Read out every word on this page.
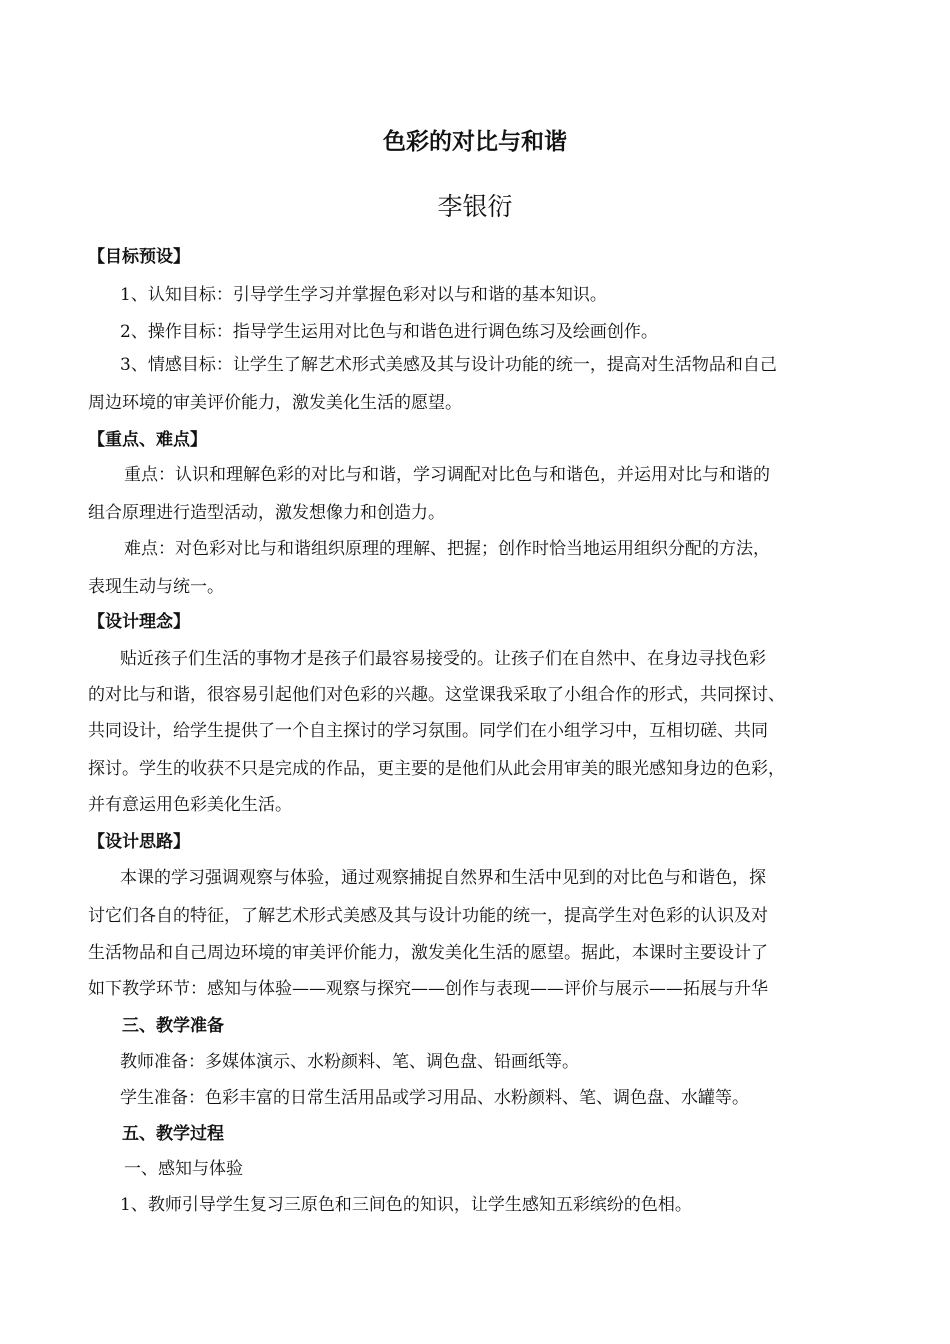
色彩的对比与和谐
李银衍
【目标预设】
1、认知目标：引导学生学习并掌握色彩对以与和谐的基本知识。
2、操作目标：指导学生运用对比色与和谐色进行调色练习及绘画创作。
3、情感目标：让学生了解艺术形式美感及其与设计功能的统一，提高对生活物品和自己
周边环境的审美评价能力，激发美化生活的愿望。
【重点、难点】
重点：认识和理解色彩的对比与和谐，学习调配对比色与和谐色，并运用对比与和谐的
组合原理进行造型活动，激发想像力和创造力。
难点：对色彩对比与和谐组织原理的理解、把握；创作时恰当地运用组织分配的方法，
表现生动与统一。
【设计理念】
贴近孩子们生活的事物才是孩子们最容易接受的。让孩子们在自然中、在身边寻找色彩
的对比与和谐，很容易引起他们对色彩的兴趣。这堂课我采取了小组合作的形式，共同探讨、
共同设计，给学生提供了一个自主探讨的学习氛围。同学们在小组学习中，互相切磋、共同
探讨。学生的收获不只是完成的作品，更主要的是他们从此会用审美的眼光感知身边的色彩，
并有意运用色彩美化生活。
【设计思路】
本课的学习强调观察与体验，通过观察捕捉自然界和生活中见到的对比色与和谐色，探
讨它们各自的特征，了解艺术形式美感及其与设计功能的统一，提高学生对色彩的认识及对
生活物品和自己周边环境的审美评价能力，激发美化生活的愿望。据此，本课时主要设计了
如下教学环节：感知与体验——观察与探究——创作与表现——评价与展示——拓展与升华
三、教学准备
教师准备：多媒体演示、水粉颜料、笔、调色盘、铅画纸等。
学生准备：色彩丰富的日常生活用品或学习用品、水粉颜料、笔、调色盘、水罐等。
五、教学过程
一、感知与体验
1、教师引导学生复习三原色和三间色的知识，让学生感知五彩缤纷的色相。
